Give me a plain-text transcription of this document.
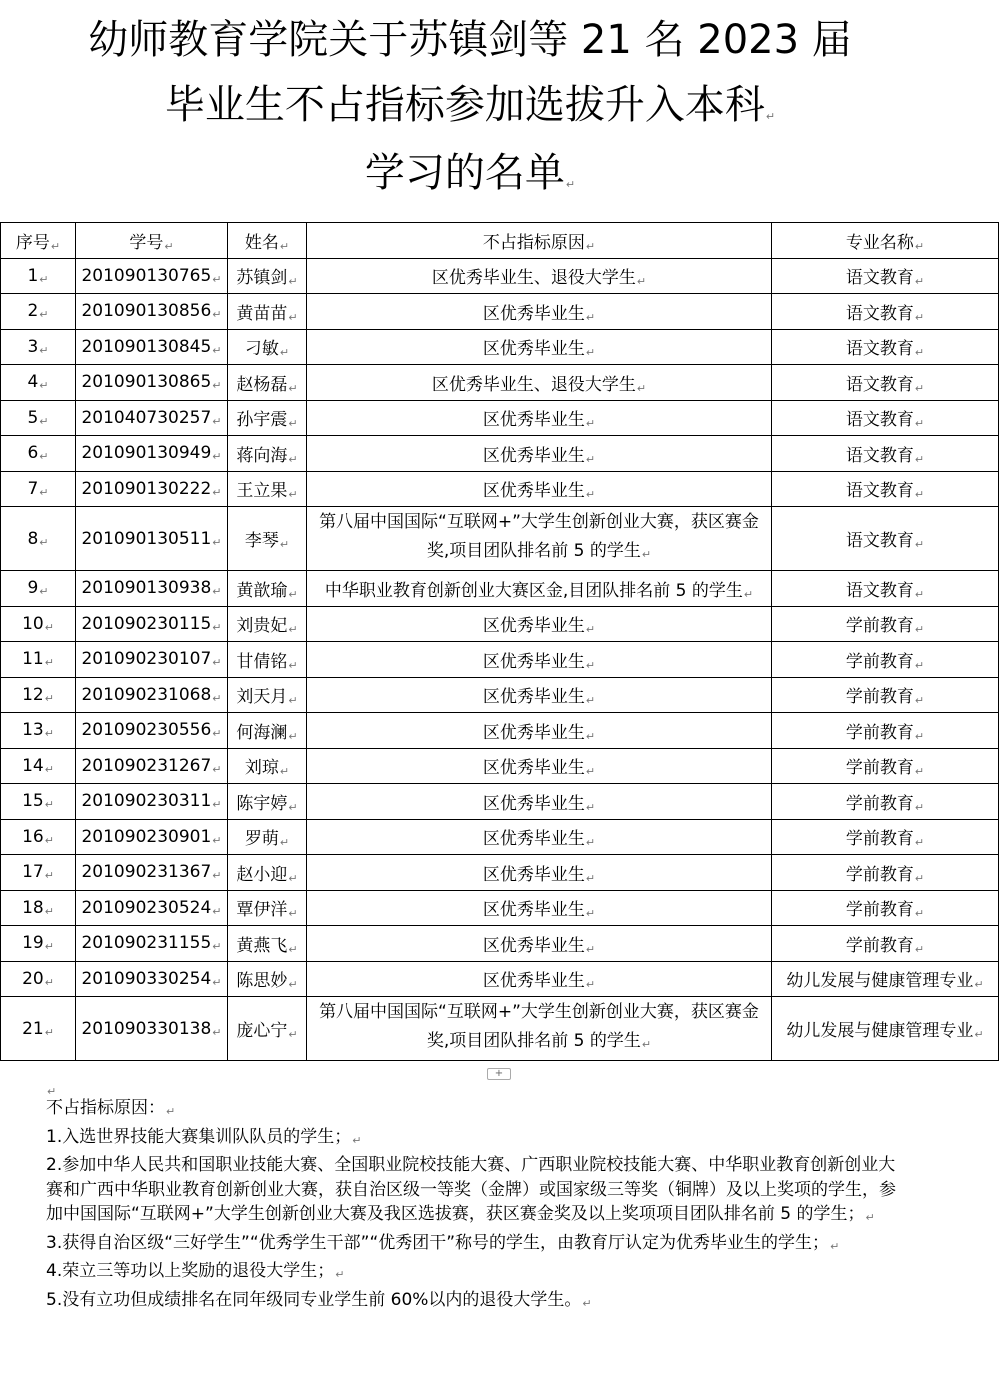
幼师教育学院关于苏镇剑等 21 名 2023 届
毕业生不占指标参加选拔升入本科↵
学习的名单↵
序号↵	学号↵	姓名↵	不占指标原因↵	专业名称↵
1↵	201090130765↵	苏镇剑↵	区优秀毕业生、退役大学生↵	语文教育↵
2↵	201090130856↵	黄苗苗↵	区优秀毕业生↵	语文教育↵
3↵	201090130845↵	刁敏↵	区优秀毕业生↵	语文教育↵
4↵	201090130865↵	赵杨磊↵	区优秀毕业生、退役大学生↵	语文教育↵
5↵	201040730257↵	孙宇震↵	区优秀毕业生↵	语文教育↵
6↵	201090130949↵	蒋向海↵	区优秀毕业生↵	语文教育↵
7↵	201090130222↵	王立果↵	区优秀毕业生↵	语文教育↵
8↵	201090130511↵	李琴↵	第八届中国国际“互联网+”大学生创新创业大赛，获区赛金奖,项目团队排名前 5 的学生↵	语文教育↵
9↵	201090130938↵	黄歆瑜↵	中华职业教育创新创业大赛区金,目团队排名前 5 的学生↵	语文教育↵
10↵	201090230115↵	刘贵妃↵	区优秀毕业生↵	学前教育↵
11↵	201090230107↵	甘倩铭↵	区优秀毕业生↵	学前教育↵
12↵	201090231068↵	刘天月↵	区优秀毕业生↵	学前教育↵
13↵	201090230556↵	何海澜↵	区优秀毕业生↵	学前教育↵
14↵	201090231267↵	刘琼↵	区优秀毕业生↵	学前教育↵
15↵	201090230311↵	陈宇婷↵	区优秀毕业生↵	学前教育↵
16↵	201090230901↵	罗萌↵	区优秀毕业生↵	学前教育↵
17↵	201090231367↵	赵小迎↵	区优秀毕业生↵	学前教育↵
18↵	201090230524↵	覃伊洋↵	区优秀毕业生↵	学前教育↵
19↵	201090231155↵	黄燕飞↵	区优秀毕业生↵	学前教育↵
20↵	201090330254↵	陈思妙↵	区优秀毕业生↵	幼儿发展与健康管理专业↵
21↵	201090330138↵	庞心宁↵	第八届中国国际“互联网+”大学生创新创业大赛，获区赛金奖,项目团队排名前 5 的学生↵	幼儿发展与健康管理专业↵
+
↵
不占指标原因：↵
1.入选世界技能大赛集训队队员的学生；↵
2.参加中华人民共和国职业技能大赛、全国职业院校技能大赛、广西职业院校技能大赛、中华职业教育创新创业大赛和广西中华职业教育创新创业大赛，获自治区级一等奖（金牌）或国家级三等奖（铜牌）及以上奖项的学生，参加中国国际“互联网+”大学生创新创业大赛及我区选拔赛，获区赛金奖及以上奖项项目团队排名前 5 的学生；↵
3.获得自治区级“三好学生”“优秀学生干部”“优秀团干”称号的学生，由教育厅认定为优秀毕业生的学生；↵
4.荣立三等功以上奖励的退役大学生；↵
5.没有立功但成绩排名在同年级同专业学生前 60%以内的退役大学生。↵
